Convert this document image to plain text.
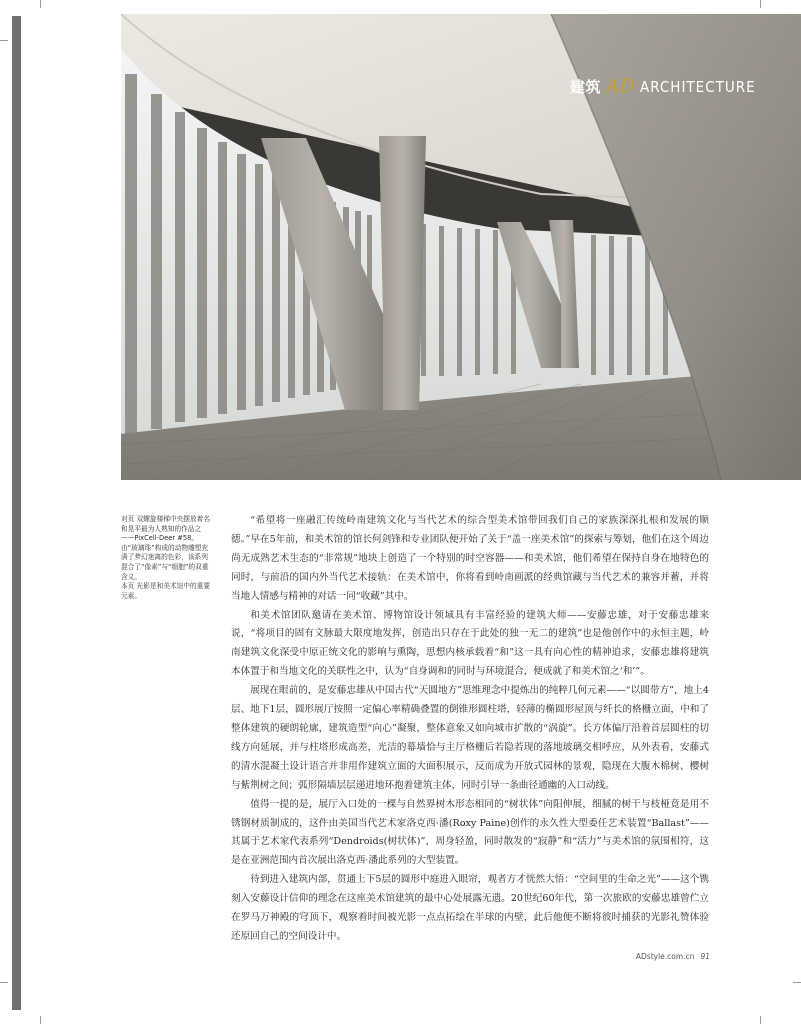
建筑 AD ARCHITECTURE

对页 双螺旋楼梯中央摆放着名和晃平最为人熟知的作品之——PixCell-Deer #58。由“玻璃珠”构成的动物雕塑充满了梦幻迷离的色彩，该系列混合了“像素”与“细胞”的双重含义。

本页 光影是和美术馆中的重要元素。

“希望将一座融汇传统岭南建筑文化与当代艺术的综合型美术馆带回我们自己的家族深深扎根和发展的顺德。”早在5年前，和美术馆的馆长何剑锋和专业团队便开始了关于“盖一座美术馆”的探索与筹划，他们在这个周边尚无成熟艺术生态的“非常规”地块上创造了一个特别的时空容器——和美术馆，他们希望在保持自身在地特色的同时，与前沿的国内外当代艺术接轨：在美术馆中，你将看到岭南画派的经典馆藏与当代艺术的兼容并蓄，并将当地人情感与精神的对话一同“收藏”其中。

和美术馆团队邀请在美术馆、博物馆设计领域具有丰富经验的建筑大师——安藤忠雄，对于安藤忠雄来说，“将项目的固有文脉最大限度地发挥，创造出只存在于此处的独一无二的建筑”也是他创作中的永恒主题，岭南建筑文化深受中原正统文化的影响与熏陶，思想内核承载着“和”这一具有向心性的精神追求，安藤忠雄将建筑本体置于和当地文化的关联性之中，认为“自身调和的同时与环境混合，便成就了和美术馆之‘和’”。

展现在眼前的，是安藤忠雄从中国古代“天圆地方”思维理念中提炼出的纯粹几何元素——“以圆带方”，地上4层、地下1层，圆形展厅按照一定偏心率精确叠置的倒锥形圆柱塔，轻薄的椭圆形屋顶与纤长的格栅立面，中和了整体建筑的硬朗轮廓，建筑造型“向心”凝聚，整体意象又如向城市扩散的“涡旋”。长方体偏厅沿着首层圆柱的切线方向延展，并与柱塔形成高差，光洁的幕墙恰与主厅格栅后若隐若现的落地玻璃交相呼应，从外表看，安藤式的清水混凝土设计语言并非用作建筑立面的大面积展示，反而成为开放式园林的景观，隐现在大腹木棉树、樱树与紫荆树之间；弧形隔墙层层递进地环抱着建筑主体，同时引导一条曲径通幽的入口动线。

值得一提的是，展厅入口处的一棵与自然界树木形态相同的“树状体”向阳伸展，细腻的树干与枝桠竟是用不锈钢材质制成的，这件由美国当代艺术家洛克西·潘(Roxy Paine)创作的永久性大型委任艺术装置“Ballast”——其属于艺术家代表系列“Dendroids(树状体)”，周身轻盈，同时散发的“寂静”和“活力”与美术馆的氛围相符，这是在亚洲范围内首次展出洛克西·潘此系列的大型装置。

待到进入建筑内部，贯通上下5层的圆形中庭进入眼帘，观者方才恍然大悟：“空间里的生命之光”——这个镌刻入安藤设计信仰的理念在这座美术馆建筑的最中心处展露无遗。20世纪60年代，第一次旅欧的安藤忠雄曾伫立在罗马万神殿的穹顶下，观察着时间被光影一点点拓绘在半球的内壁，此后他便不断将彼时捕获的光影礼赞体验还原回自己的空间设计中。

ADstyle.com.cn 91
